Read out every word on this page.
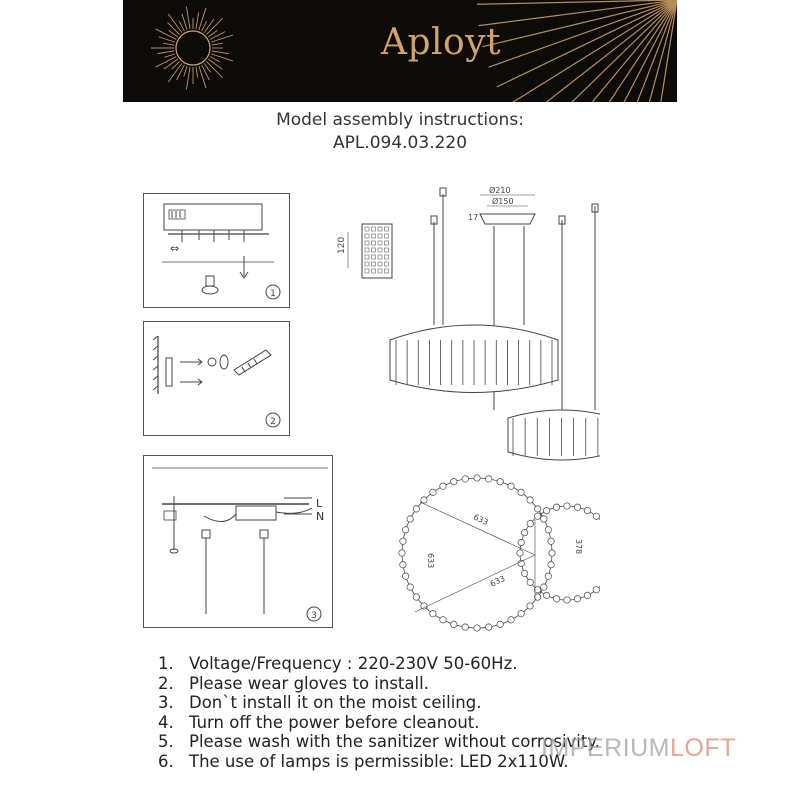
Aployt
Model assembly instructions:
APL.094.03.220
⇔
1
2
L
N
3
Ø210
Ø150
17
120
633
633
633
378
1. Voltage/Frequency : 220-230V 50-60Hz.
2. Please wear gloves to install.
3. Don`t install it on the moist ceiling.
4. Turn off the power before cleanout.
5. Please wash with the sanitizer without corrosivity.
6. The use of lamps is permissible: LED 2x110W.
IMPERIUMLOFT
